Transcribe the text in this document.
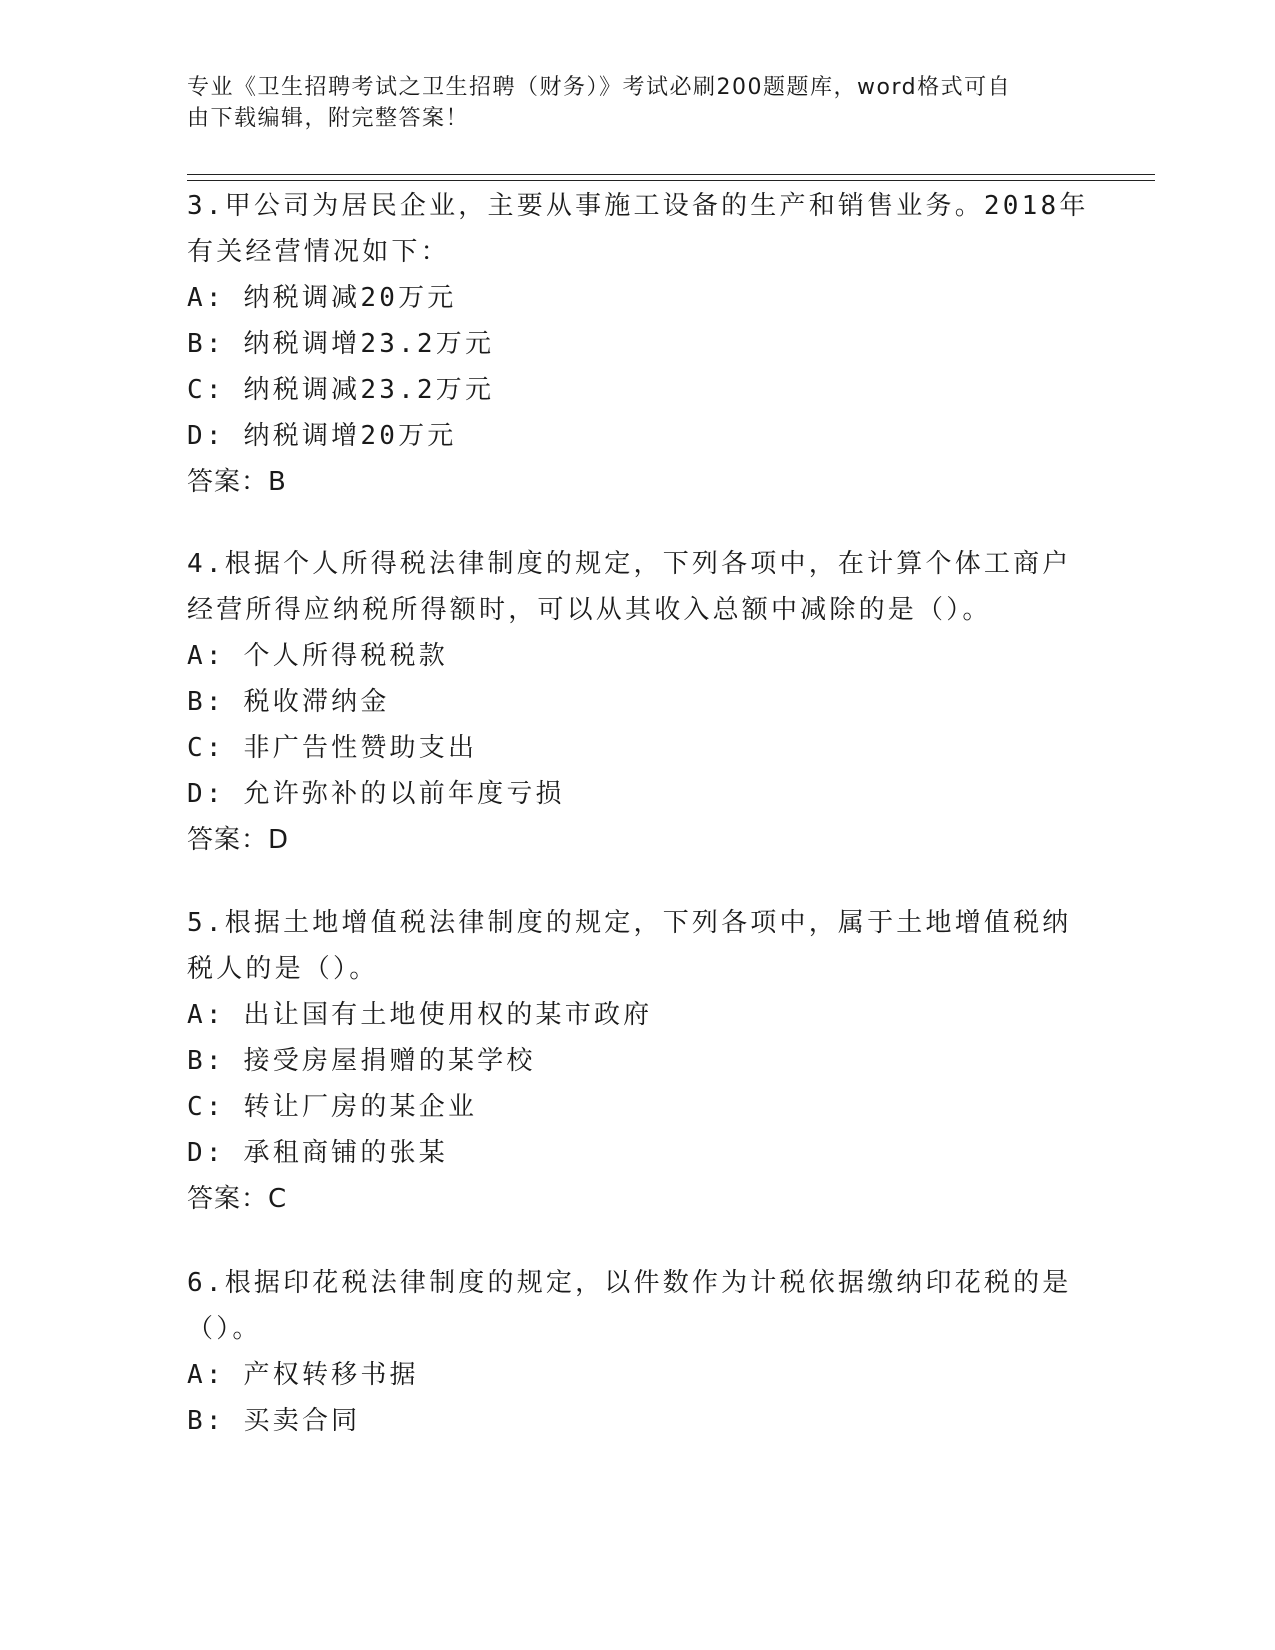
专业《卫生招聘考试之卫生招聘（财务）》考试必刷200题题库，word格式可自
由下载编辑，附完整答案！
3.甲公司为居民企业，主要从事施工设备的生产和销售业务。2018年
有关经营情况如下：
A: 纳税调减20万元
B: 纳税调增23.2万元
C: 纳税调减23.2万元
D: 纳税调增20万元
答案：B
4.根据个人所得税法律制度的规定，下列各项中，在计算个体工商户
经营所得应纳税所得额时，可以从其收入总额中减除的是（）。
A: 个人所得税税款
B: 税收滞纳金
C: 非广告性赞助支出
D: 允许弥补的以前年度亏损
答案：D
5.根据土地增值税法律制度的规定，下列各项中，属于土地增值税纳
税人的是（）。
A: 出让国有土地使用权的某市政府
B: 接受房屋捐赠的某学校
C: 转让厂房的某企业
D: 承租商铺的张某
答案：C
6.根据印花税法律制度的规定，以件数作为计税依据缴纳印花税的是
（）。
A: 产权转移书据
B: 买卖合同
